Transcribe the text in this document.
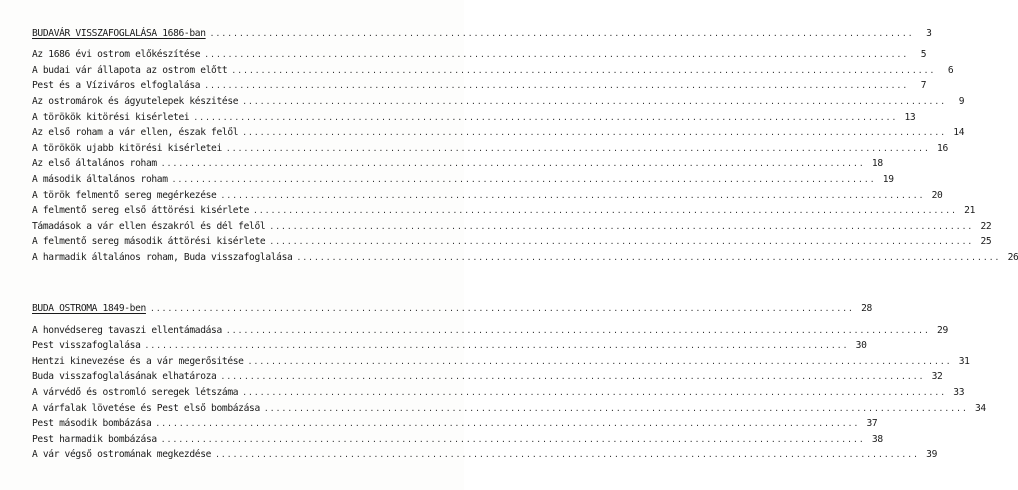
BUDAVÁR VISSZAFOGLALÁSA 1686-ban ........................................................................................................................	3
Az 1686 évi ostrom előkészítése ........................................................................................................................	5
A budai vár állapota az ostrom előtt ........................................................................................................................	6
Pest és a Víziváros elfoglalása ........................................................................................................................	7
Az ostromárok és ágyutelepek készitése ........................................................................................................................	9
A törökök kitörési kisérletei ........................................................................................................................ 13
Az első roham a vár ellen, észak felől ........................................................................................................................ 14
A törökök ujabb kitörési kisérletei ........................................................................................................................ 16
Az első általános roham ........................................................................................................................ 18
A második általános roham ........................................................................................................................ 19
A török felmentő sereg megérkezése ........................................................................................................................ 20
A felmentő sereg első áttörési kisérlete ........................................................................................................................ 21
Támadások a vár ellen északról és dél felől ........................................................................................................................ 22
A felmentő sereg második áttörési kisérlete ........................................................................................................................ 25
A harmadik általános roham, Buda visszafoglalása ........................................................................................................................ 26
BUDA OSTROMA 1849-ben ........................................................................................................................ 28
A honvédsereg tavaszi ellentámadása ........................................................................................................................ 29
Pest visszafoglalása ........................................................................................................................ 30
Hentzi kinevezése és a vár megerősitése ........................................................................................................................ 31
Buda visszafoglalásának elhatároza ........................................................................................................................ 32
A várvédő és ostromló seregek létszáma ........................................................................................................................ 33
A várfalak lövetése és Pest első bombázása ........................................................................................................................ 34
Pest második bombázása ........................................................................................................................ 37
Pest harmadik bombázása ........................................................................................................................ 38
A vár végső ostromának megkezdése ........................................................................................................................ 39
